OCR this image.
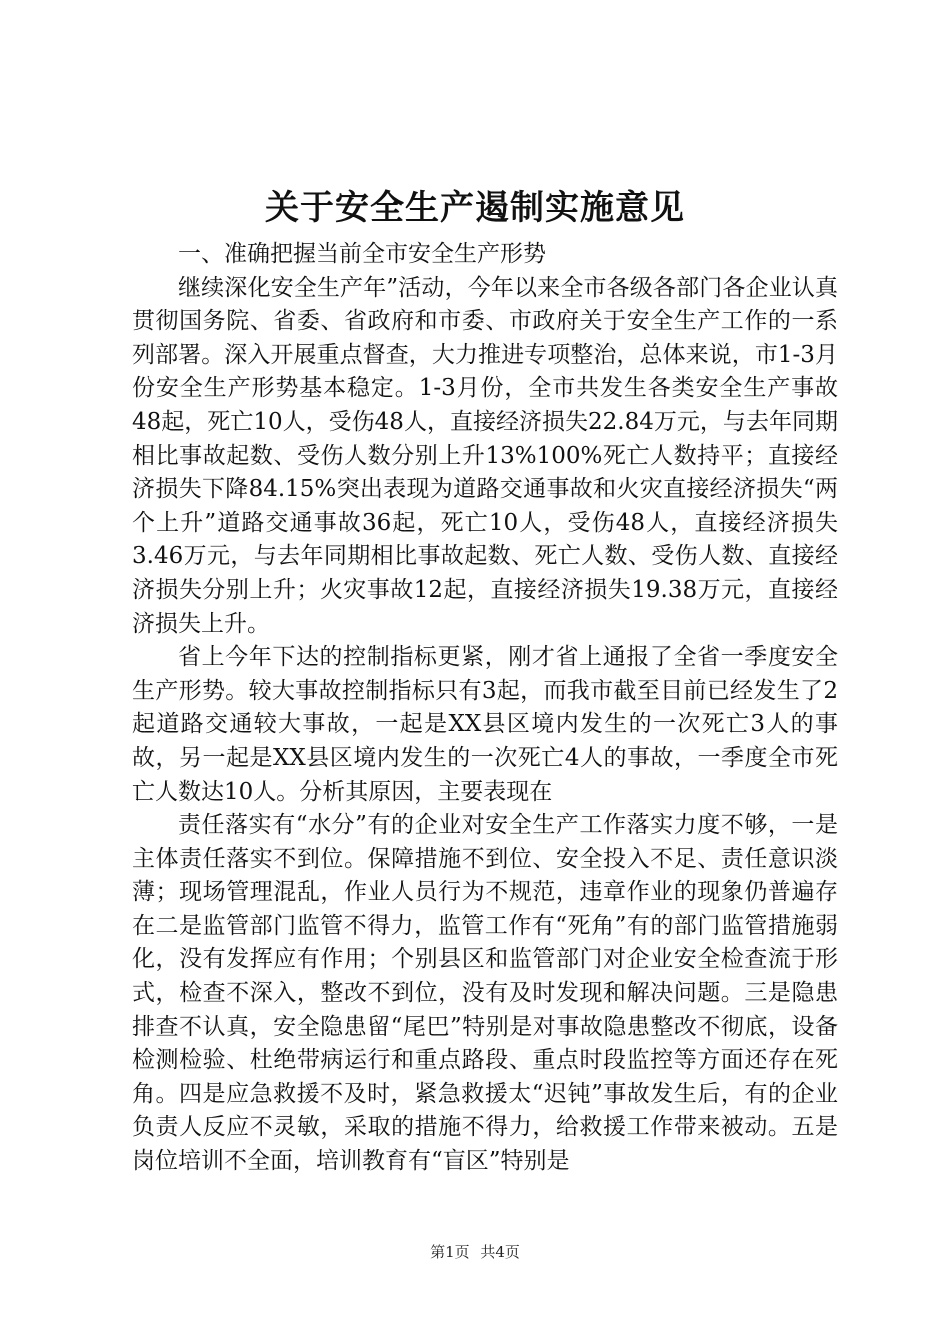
关于安全生产遏制实施意见

一、准确把握当前全市安全生产形势

继续深化安全生产年”活动，今年以来全市各级各部门各企业认真贯彻国务院、省委、省政府和市委、市政府关于安全生产工作的一系列部署。深入开展重点督查，大力推进专项整治，总体来说，市1-3月份安全生产形势基本稳定。1-3月份，全市共发生各类安全生产事故48起，死亡10人，受伤48人，直接经济损失22.84万元，与去年同期相比事故起数、受伤人数分别上升13%100%死亡人数持平；直接经济损失下降84.15%突出表现为道路交通事故和火灾直接经济损失“两个上升”道路交通事故36起，死亡10人，受伤48人，直接经济损失3.46万元，与去年同期相比事故起数、死亡人数、受伤人数、直接经济损失分别上升；火灾事故12起，直接经济损失19.38万元，直接经济损失上升。

省上今年下达的控制指标更紧，刚才省上通报了全省一季度安全生产形势。较大事故控制指标只有3起，而我市截至目前已经发生了2起道路交通较大事故，一起是XX县区境内发生的一次死亡3人的事故，另一起是XX县区境内发生的一次死亡4人的事故，一季度全市死亡人数达10人。分析其原因，主要表现在

责任落实有“水分”有的企业对安全生产工作落实力度不够，一是主体责任落实不到位。保障措施不到位、安全投入不足、责任意识淡薄；现场管理混乱，作业人员行为不规范，违章作业的现象仍普遍存在二是监管部门监管不得力，监管工作有“死角”有的部门监管措施弱化，没有发挥应有作用；个别县区和监管部门对企业安全检查流于形式，检查不深入，整改不到位，没有及时发现和解决问题。三是隐患排查不认真，安全隐患留“尾巴”特别是对事故隐患整改不彻底，设备检测检验、杜绝带病运行和重点路段、重点时段监控等方面还存在死角。四是应急救援不及时，紧急救援太“迟钝”事故发生后，有的企业负责人反应不灵敏，采取的措施不得力，给救援工作带来被动。五是岗位培训不全面，培训教育有“盲区”特别是

第1页 共4页
